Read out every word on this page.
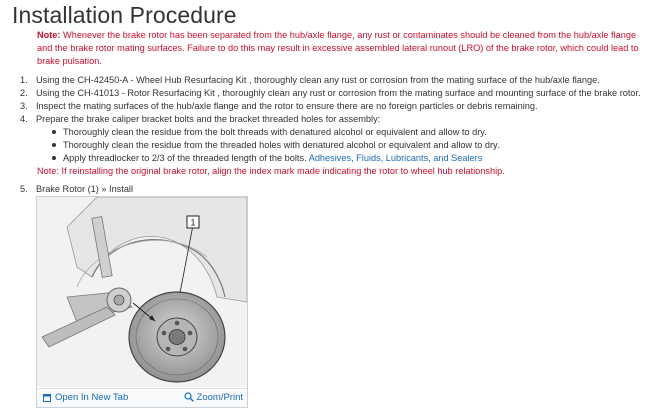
Installation Procedure
Note: Whenever the brake rotor has been separated from the hub/axle flange, any rust or contaminates should be cleaned from the hub/axle flange and the brake rotor mating surfaces. Failure to do this may result in excessive assembled lateral runout (LRO) of the brake rotor, which could lead to brake pulsation.
1. Using the CH-42450-A - Wheel Hub Resurfacing Kit , thoroughly clean any rust or corrosion from the mating surface of the hub/axle flange.
2. Using the CH-41013 - Rotor Resurfacing Kit , thoroughly clean any rust or corrosion from the mating surface and mounting surface of the brake rotor.
3. Inspect the mating surfaces of the hub/axle flange and the rotor to ensure there are no foreign particles or debris remaining.
4. Prepare the brake caliper bracket bolts and the bracket threaded holes for assembly:
Thoroughly clean the residue from the bolt threads with denatured alcohol or equivalent and allow to dry.
Thoroughly clean the residue from the threaded holes with denatured alcohol or equivalent and allow to dry.
Apply threadlocker to 2/3 of the threaded length of the bolts. Adhesives, Fluids, Lubricants, and Sealers
Note: If reinstalling the original brake rotor, align the index mark made indicating the rotor to wheel hub relationship.
5. Brake Rotor (1) » Install
1
Open In New Tab	Zoom/Print
